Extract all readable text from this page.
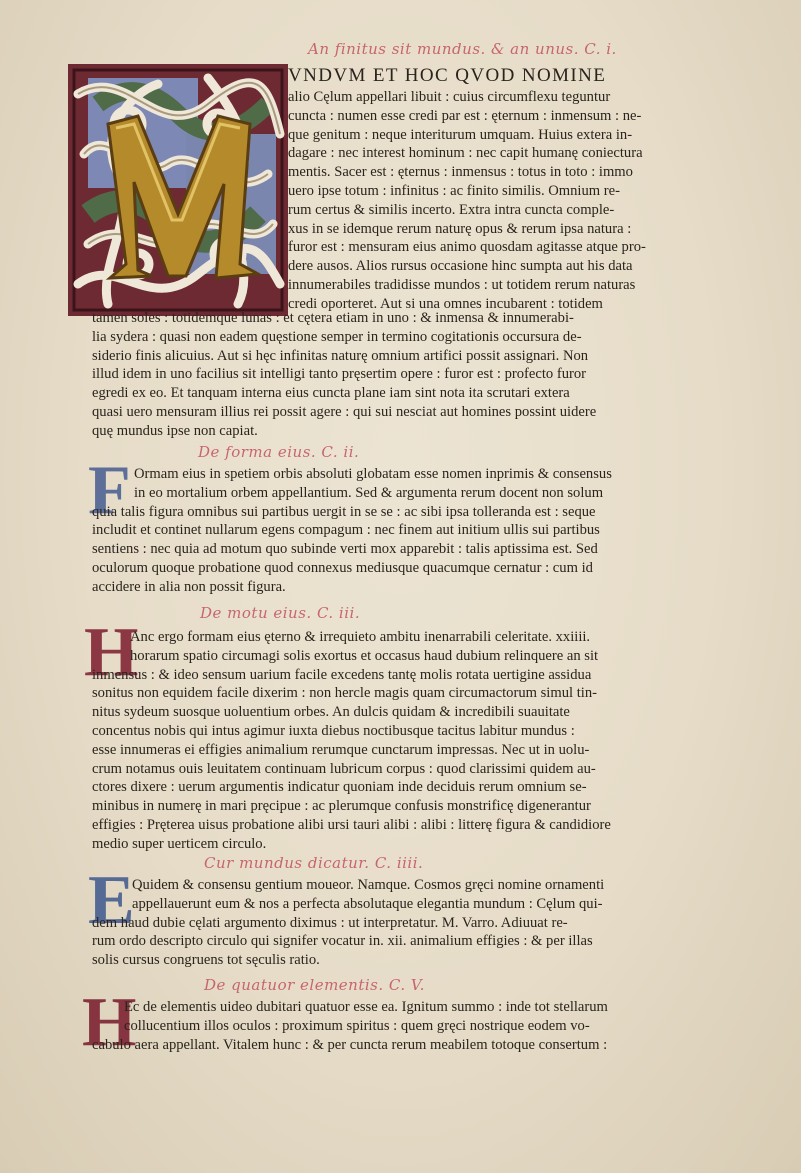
An finitus sit mundus. & an unus. C. i.
VNDVM ET HOC QVOD NOMINE
alio Cęlum appellari libuit : cuius circumflexu teguntur
cuncta : numen esse credi par est : ęternum : inmensum : ne-
que genitum : neque interiturum umquam. Huius extera in-
dagare : nec interest hominum : nec capit humanę coniectura
mentis. Sacer est : ęternus : inmensus : totus in toto : immo
uero ipse totum : infinitus : ac finito similis. Omnium re-
rum certus & similis incerto. Extra intra cuncta comple-
xus in se idemque rerum naturę opus & rerum ipsa natura :
furor est : mensuram eius animo quosdam agitasse atque pro-
dere ausos. Alios rursus occasione hinc sumpta aut his data
innumerabiles tradidisse mundos : ut totidem rerum naturas
credi oporteret. Aut si una omnes incubarent : totidem
tamen soles : totidemque lunas : et cętera etiam in uno : & inmensa & innumerabi-
lia sydera : quasi non eadem quęstione semper in termino cogitationis occursura de-
siderio finis alicuius. Aut si hęc infinitas naturę omnium artifici possit assignari. Non
illud idem in uno facilius sit intelligi tanto pręsertim opere : furor est : profecto furor
egredi ex eo. Et tanquam interna eius cuncta plane iam sint nota ita scrutari extera
quasi uero mensuram illius rei possit agere : qui sui nesciat aut homines possint uidere
quę mundus ipse non capiat.
De forma eius. C. ii.
F Ormam eius in spetiem orbis absoluti globatam esse nomen inprimis & consensus
in eo mortalium orbem appellantium. Sed & argumenta rerum docent non solum
quia talis figura omnibus sui partibus uergit in se se : ac sibi ipsa tolleranda est : seque
includit et continet nullarum egens compagum : nec finem aut initium ullis sui partibus
sentiens : nec quia ad motum quo subinde verti mox apparebit : talis aptissima est. Sed
oculorum quoque probatione quod connexus mediusque quacumque cernatur : cum id
accidere in alia non possit figura.
De motu eius. C. iii.
H
Anc ergo formam eius ęterno & irrequieto ambitu inenarrabili celeritate. xxiiii.
horarum spatio circumagi solis exortus et occasus haud dubium relinquere an sit
inmensus : & ideo sensum uarium facile excedens tantę molis rotata uertigine assidua
sonitus non equidem facile dixerim : non hercle magis quam circumactorum simul tin-
nitus sydeum suosque uoluentium orbes. An dulcis quidam & incredibili suauitate
concentus nobis qui intus agimur iuxta diebus noctibusque tacitus labitur mundus :
esse innumeras ei effigies animalium rerumque cunctarum impressas. Nec ut in uolu-
crum notamus ouis leuitatem continuam lubricum corpus : quod clarissimi quidem au-
ctores dixere : uerum argumentis indicatur quoniam inde deciduis rerum omnium se-
minibus in numerę in mari pręcipue : ac plerumque confusis monstrificę digenerantur
effigies : Pręterea uisus probatione alibi ursi tauri alibi : alibi : litterę figura & candidiore
medio super uerticem circulo.
Cur mundus dicatur. C. iiii.
E
Quidem & consensu gentium moueor. Namque. Cosmos gręci nomine ornamenti
appellauerunt eum & nos a perfecta absolutaque elegantia mundum : Cęlum qui-
dem haud dubie cęlati argumento diximus : ut interpretatur. M. Varro. Adiuuat re-
rum ordo descripto circulo qui signifer vocatur in. xii. animalium effigies : & per illas
solis cursus congruens tot sęculis ratio.
De quatuor elementis. C. V.
H
Ec de elementis uideo dubitari quatuor esse ea. Ignitum summo : inde tot stellarum
collucentium illos oculos : proximum spiritus : quem gręci nostrique eodem vo-
cabulo aera appellant. Vitalem hunc : & per cuncta rerum meabilem totoque consertum :
